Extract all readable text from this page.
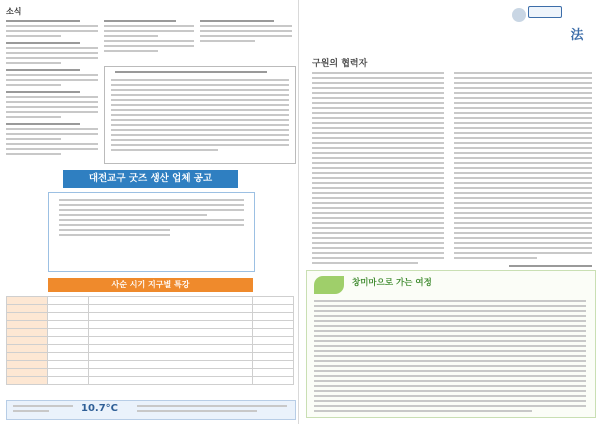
소식
대전교구 굿즈 생산 업체 공고
사순 시기 지구별 특강

10.7°C
法
구원의 협력자
창미마으로 가는 여정
